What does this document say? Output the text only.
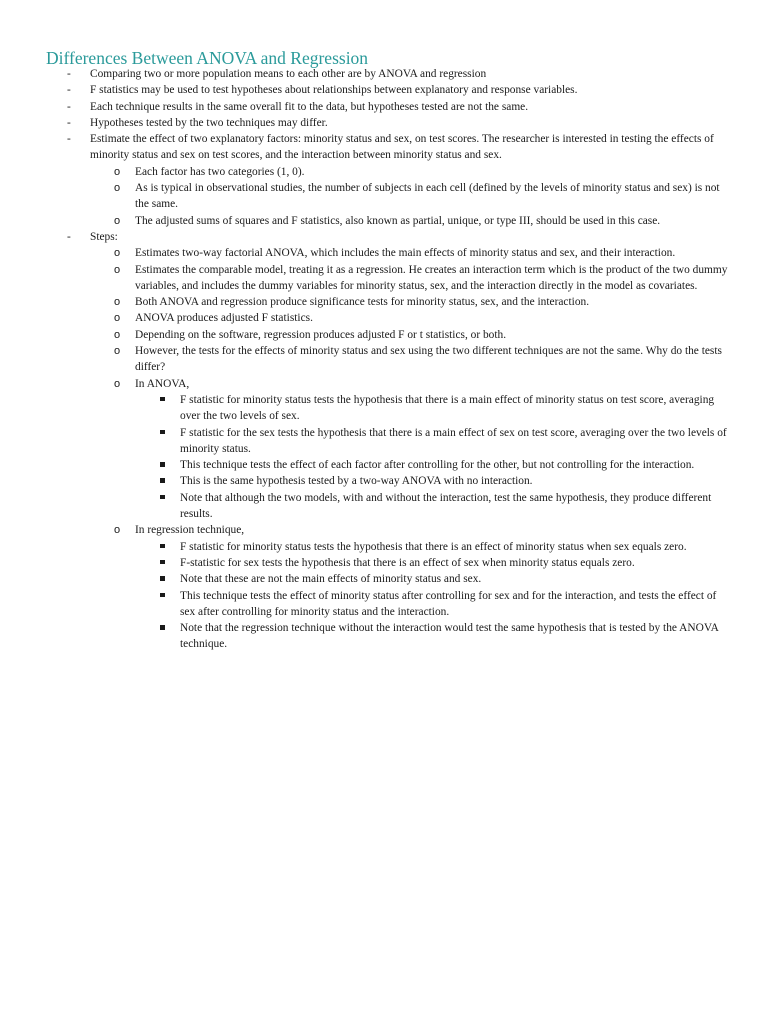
Differences Between ANOVA and Regression
-	Comparing two or more population means to each other are by ANOVA and regression
-	F statistics may be used to test hypotheses about relationships between explanatory and response variables.
-	Each technique results in the same overall fit to the data, but hypotheses tested are not the same.
-	Hypotheses tested by the two techniques may differ.
-	Estimate the effect of two explanatory factors: minority status and sex, on test scores. The researcher is interested in testing the effects of minority status and sex on test scores, and the interaction between minority status and sex.
o Each factor has two categories (1, 0).
o As is typical in observational studies, the number of subjects in each cell (defined by the levels of minority status and sex) is not the same.
o The adjusted sums of squares and F statistics, also known as partial, unique, or type III, should be used in this case.
-	Steps:
o Estimates two-way factorial ANOVA, which includes the main effects of minority status and sex, and their interaction.
o Estimates the comparable model, treating it as a regression. He creates an interaction term which is the product of the two dummy variables, and includes the dummy variables for minority status, sex, and the interaction directly in the model as covariates.
o Both ANOVA and regression produce significance tests for minority status, sex, and the interaction.
o ANOVA produces adjusted F statistics.
o Depending on the software, regression produces adjusted F or t statistics, or both.
o However, the tests for the effects of minority status and sex using the two different techniques are not the same. Why do the tests differ?
o In ANOVA,
F statistic for minority status tests the hypothesis that there is a main effect of minority status on test score, averaging over the two levels of sex.
F statistic for the sex tests the hypothesis that there is a main effect of sex on test score, averaging over the two levels of minority status.
This technique tests the effect of each factor after controlling for the other, but not controlling for the interaction.
This is the same hypothesis tested by a two-way ANOVA with no interaction.
Note that although the two models, with and without the interaction, test the same hypothesis, they produce different results.
o In regression technique,
F statistic for minority status tests the hypothesis that there is an effect of minority status when sex equals zero.
F-statistic for sex tests the hypothesis that there is an effect of sex when minority status equals zero.
Note that these are not the main effects of minority status and sex.
This technique tests the effect of minority status after controlling for sex and for the interaction, and tests the effect of sex after controlling for minority status and the interaction.
Note that the regression technique without the interaction would test the same hypothesis that is tested by the ANOVA technique.
